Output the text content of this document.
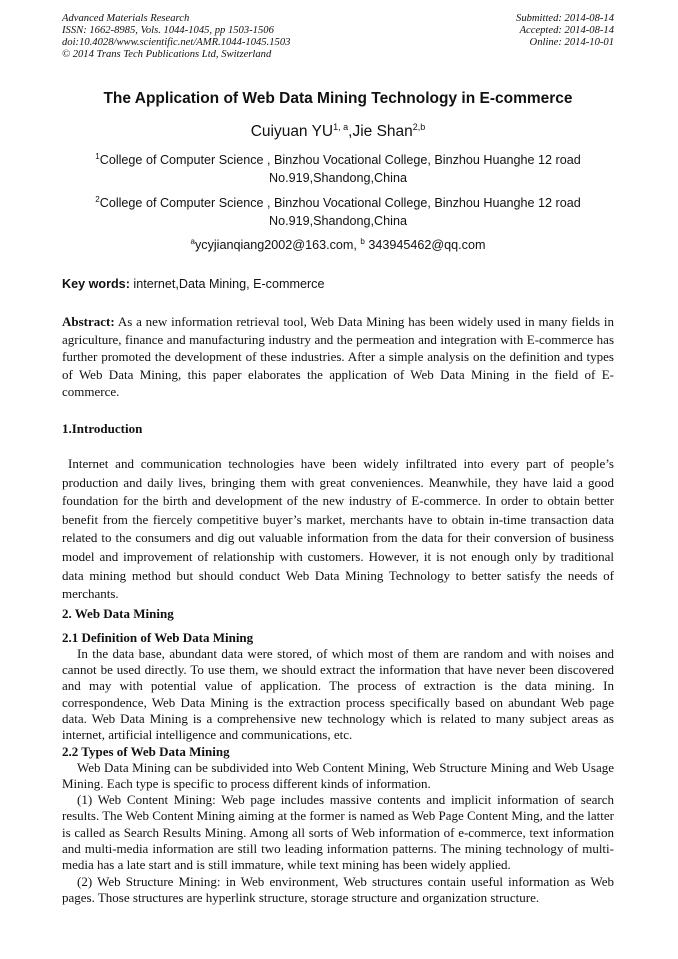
Advanced Materials Research
ISSN: 1662-8985, Vols. 1044-1045, pp 1503-1506
doi:10.4028/www.scientific.net/AMR.1044-1045.1503
© 2014 Trans Tech Publications Ltd, Switzerland
Submitted: 2014-08-14
Accepted: 2014-08-14
Online: 2014-10-01
The Application of Web Data Mining Technology in E-commerce
Cuiyuan YU$^{1, a}$,Jie Shan$^{2,b}$
$^1$College of Computer Science , Binzhou Vocational College, Binzhou Huanghe 12 road No.919,Shandong,China
$^2$College of Computer Science , Binzhou Vocational College, Binzhou Huanghe 12 road No.919,Shandong,China
$^a$ycyjianqiang2002@163.com, $^b$ 343945462@qq.com
Key words: internet,Data Mining, E-commerce
Abstract: As a new information retrieval tool, Web Data Mining has been widely used in many fields in agriculture, finance and manufacturing industry and the permeation and integration with E-commerce has further promoted the development of these industries. After a simple analysis on the definition and types of Web Data Mining, this paper elaborates the application of Web Data Mining in the field of E-commerce.
1.Introduction

Internet and communication technologies have been widely infiltrated into every part of people’s production and daily lives, bringing them with great conveniences. Meanwhile, they have laid a good foundation for the birth and development of the new industry of E-commerce. In order to obtain better benefit from the fiercely competitive buyer’s market, merchants have to obtain in-time transaction data related to the consumers and dig out valuable information from the data for their conversion of business model and improvement of relationship with customers. However, it is not enough only by traditional data mining method but should conduct Web Data Mining Technology to better satisfy the needs of merchants.

2. Web Data Mining
2.1 Definition of Web Data Mining

In the data base, abundant data were stored, of which most of them are random and with noises and cannot be used directly. To use them, we should extract the information that have never been discovered and may with potential value of application. The process of extraction is the data mining. In correspondence, Web Data Mining is the extraction process specifically based on abundant Web page data. Web Data Mining is a comprehensive new technology which is related to many subject areas as internet, artificial intelligence and communications, etc.

2.2 Types of Web Data Mining

Web Data Mining can be subdivided into Web Content Mining, Web Structure Mining and Web Usage Mining. Each type is specific to process different kinds of information.

(1) Web Content Mining: Web page includes massive contents and implicit information of search results. The Web Content Mining aiming at the former is named as Web Page Content Ming, and the latter is called as Search Results Mining. Among all sorts of Web information of e-commerce, text information and multi-media information are still two leading information patterns. The mining technology of multi-media has a late start and is still immature, while text mining has been widely applied.

(2) Web Structure Mining: in Web environment, Web structures contain useful information as Web pages. Those structures are hyperlink structure, storage structure and organization structure.
